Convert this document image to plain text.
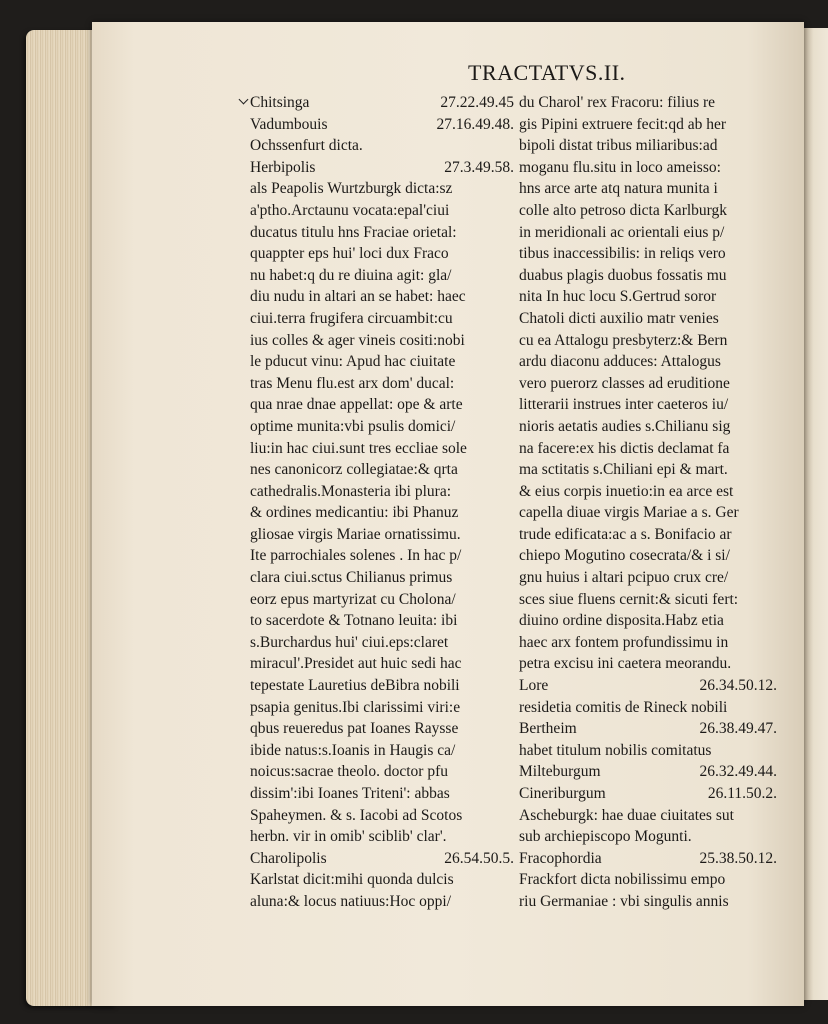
TRACTATVS.II.
Chitsinga	27.22.49.45
Vadumbouis	27.16.49.48.
Ochssenfurt dicta.
Herbipolis	27.3.49.58.
als Peapolis Wurtzburgk dicta:sz
a'ptho.Arctaunu vocata:epal'ciui
ducatus titulu hns Fraciae orietal:
quappter eps hui' loci dux Fraco
nu habet:q du re diuina agit: gla/
diu nudu in altari an se habet: haec
ciui.terra frugifera circuambit:cu
ius colles & ager vineis cositi:nobi
le pducut vinu: Apud hac ciuitate
tras Menu flu.est arx dom' ducal:
qua nrae dnae appellat: ope & arte
optime munita:vbi psulis domici/
liu:in hac ciui.sunt tres eccliae sole
nes canonicorz collegiatae:& qrta
cathedralis.Monasteria ibi plura:
& ordines medicantiu: ibi Phanuz
gliosae virgis Mariae ornatissimu.
Ite parrochiales solenes . In hac p/
clara ciui.sctus Chilianus primus
eorz epus martyrizat cu Cholona/
to sacerdote & Totnano leuita: ibi
s.Burchardus hui' ciui.eps:claret
miracul'.Presidet aut huic sedi hac
tepestate Lauretius deBibra nobili
psapia genitus.Ibi clarissimi viri:e
qbus reueredus pat Ioanes Raysse
ibide natus:s.Ioanis in Haugis ca/
noicus:sacrae theolo. doctor pfu
dissim':ibi Ioanes Triteni': abbas
Spaheymen. & s. Iacobi ad Scotos
herbn. vir in omib' sciblib' clar'.
Charolipolis	26.54.50.5.
Karlstat dicit:mihi quonda dulcis
aluna:& locus natiuus:Hoc oppi/
du Charol' rex Fracoru: filius re
gis Pipini extruere fecit:qd ab her
bipoli distat tribus miliaribus:ad
moganu flu.situ in loco ameisso:
hns arce arte atq natura munita i
colle alto petroso dicta Karlburgk
in meridionali ac orientali eius p/
tibus inaccessibilis: in reliqs vero
duabus plagis duobus fossatis mu
nita In huc locu S.Gertrud soror
Chatoli dicti auxilio matr venies
cu ea Attalogu presbyterz:& Bern
ardu diaconu adduces: Attalogus
vero puerorz classes ad eruditione
litterarii instrues inter caeteros iu/
nioris aetatis audies s.Chilianu sig
na facere:ex his dictis declamat fa
ma sctitatis s.Chiliani epi & mart.
& eius corpis inuetio:in ea arce est
capella diuae virgis Mariae a s. Ger
trude edificata:ac a s. Bonifacio ar
chiepo Mogutino cosecrata/& i si/
gnu huius i altari pcipuo crux cre/
sces siue fluens cernit:& sicuti fert:
diuino ordine disposita.Habz etia
haec arx fontem profundissimu in
petra excisu ini caetera meorandu.
Lore	26.34.50.12.
residetia comitis de Rineck nobili
Bertheim	26.38.49.47.
habet titulum nobilis comitatus
Milteburgum	26.32.49.44.
Cineriburgum	26.11.50.2.
Ascheburgk: hae duae ciuitates sut
sub archiepiscopo Mogunti.
Fracophordia	25.38.50.12.
Frackfort dicta nobilissimu empo
riu Germaniae : vbi singulis annis
